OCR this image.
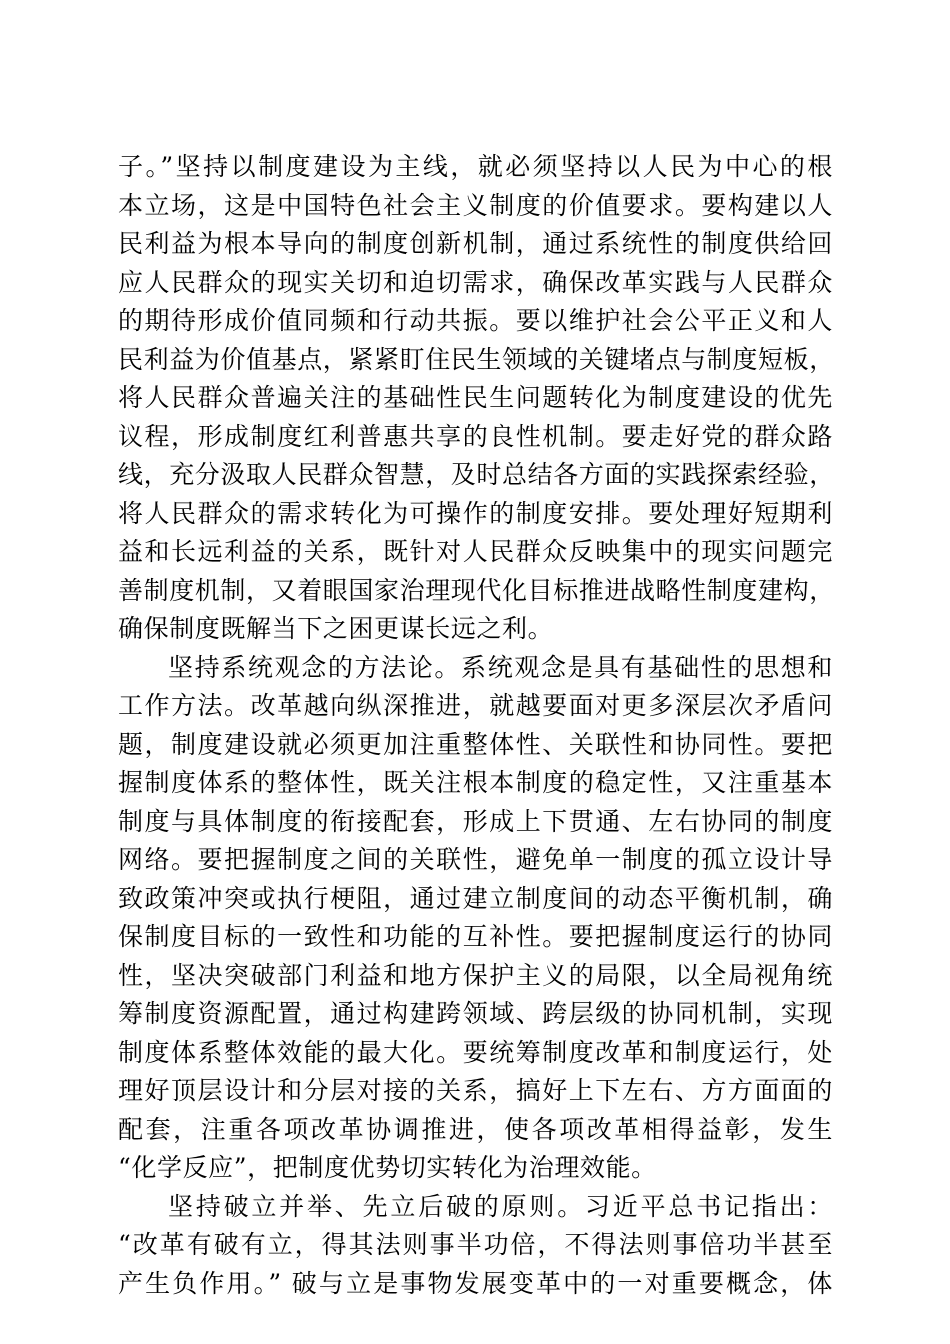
子。”坚持以制度建设为主线，就必须坚持以人民为中心的根
本立场，这是中国特色社会主义制度的价值要求。要构建以人
民利益为根本导向的制度创新机制，通过系统性的制度供给回
应人民群众的现实关切和迫切需求，确保改革实践与人民群众
的期待形成价值同频和行动共振。要以维护社会公平正义和人
民利益为价值基点，紧紧盯住民生领域的关键堵点与制度短板，
将人民群众普遍关注的基础性民生问题转化为制度建设的优先
议程，形成制度红利普惠共享的良性机制。要走好党的群众路
线，充分汲取人民群众智慧，及时总结各方面的实践探索经验，
将人民群众的需求转化为可操作的制度安排。要处理好短期利
益和长远利益的关系，既针对人民群众反映集中的现实问题完
善制度机制，又着眼国家治理现代化目标推进战略性制度建构，
确保制度既解当下之困更谋长远之利。
坚持系统观念的方法论。系统观念是具有基础性的思想和
工作方法。改革越向纵深推进，就越要面对更多深层次矛盾问
题，制度建设就必须更加注重整体性、关联性和协同性。要把
握制度体系的整体性，既关注根本制度的稳定性，又注重基本
制度与具体制度的衔接配套，形成上下贯通、左右协同的制度
网络。要把握制度之间的关联性，避免单一制度的孤立设计导
致政策冲突或执行梗阻，通过建立制度间的动态平衡机制，确
保制度目标的一致性和功能的互补性。要把握制度运行的协同
性，坚决突破部门利益和地方保护主义的局限，以全局视角统
筹制度资源配置，通过构建跨领域、跨层级的协同机制，实现
制度体系整体效能的最大化。要统筹制度改革和制度运行，处
理好顶层设计和分层对接的关系，搞好上下左右、方方面面的
配套，注重各项改革协调推进，使各项改革相得益彰，发生
“化学反应”，把制度优势切实转化为治理效能。
坚持破立并举、先立后破的原则。习近平总书记指出：
“改革有破有立，得其法则事半功倍，不得法则事倍功半甚至
产生负作用。” 破与立是事物发展变革中的一对重要概念，体
